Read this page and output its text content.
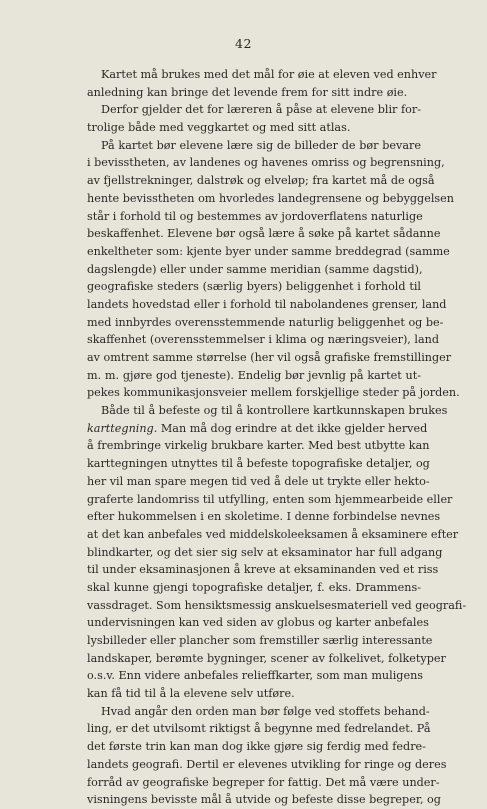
42
Kartet må brukes med det mål for øie at eleven ved enhver
anledning kan bringe det levende frem for sitt indre øie.
Derfor gjelder det for læreren å påse at elevene blir for-
trolige både med veggkartet og med sitt atlas.
På kartet bør elevene lære sig de billeder de bør bevare
i bevisstheten, av landenes og havenes omriss og begrensning,
av fjellstrekninger, dalstrøk og elveløp; fra kartet må de også
hente bevisstheten om hvorledes landegrensene og bebyggelsen
står i forhold til og bestemmes av jordoverflatens naturlige
beskaffenhet. Elevene bør også lære å søke på kartet sådanne
enkeltheter som: kjente byer under samme breddegrad (samme
dagslengde) eller under samme meridian (samme dagstid),
geografiske steders (særlig byers) beliggenhet i forhold til
landets hovedstad eller i forhold til nabolandenes grenser, land
med innbyrdes overensstemmende naturlig beliggenhet og be-
skaffenhet (overensstemmelser i klima og næringsveier), land
av omtrent samme størrelse (her vil også grafiske fremstillinger
m. m. gjøre god tjeneste). Endelig bør jevnlig på kartet ut-
pekes kommunikasjonsveier mellem forskjellige steder på jorden.
Både til å befeste og til å kontrollere kartkunnskapen brukes
karttegning. Man må dog erindre at det ikke gjelder herved
å frembringe virkelig brukbare karter. Med best utbytte kan
karttegningen utnyttes til å befeste topografiske detaljer, og
her vil man spare megen tid ved å dele ut trykte eller hekto-
graferte landomriss til utfylling, enten som hjemmearbeide eller
efter hukommelsen i en skoletime. I denne forbindelse nevnes
at det kan anbefales ved middelskoleeksamen å eksaminere efter
blindkarter, og det sier sig selv at eksaminator har full adgang
til under eksaminasjonen å kreve at eksaminanden ved et riss
skal kunne gjengi topografiske detaljer, f. eks. Drammens-
vassdraget. Som hensiktsmessig anskuelsesmateriell ved geografi-
undervisningen kan ved siden av globus og karter anbefales
lysbilleder eller plancher som fremstiller særlig interessante
landskaper, berømte bygninger, scener av folkelivet, folketyper
o.s.v. Enn videre anbefales relieffkarter, som man muligens
kan få tid til å la elevene selv utføre.
Hvad angår den orden man bør følge ved stoffets behand-
ling, er det utvilsomt riktigst å begynne med fedrelandet. På
det første trin kan man dog ikke gjøre sig ferdig med fedre-
landets geografi. Dertil er elevenes utvikling for ringe og deres
forråd av geografiske begreper for fattig. Det må være under-
visningens bevisste mål å utvide og befeste disse begreper, og
